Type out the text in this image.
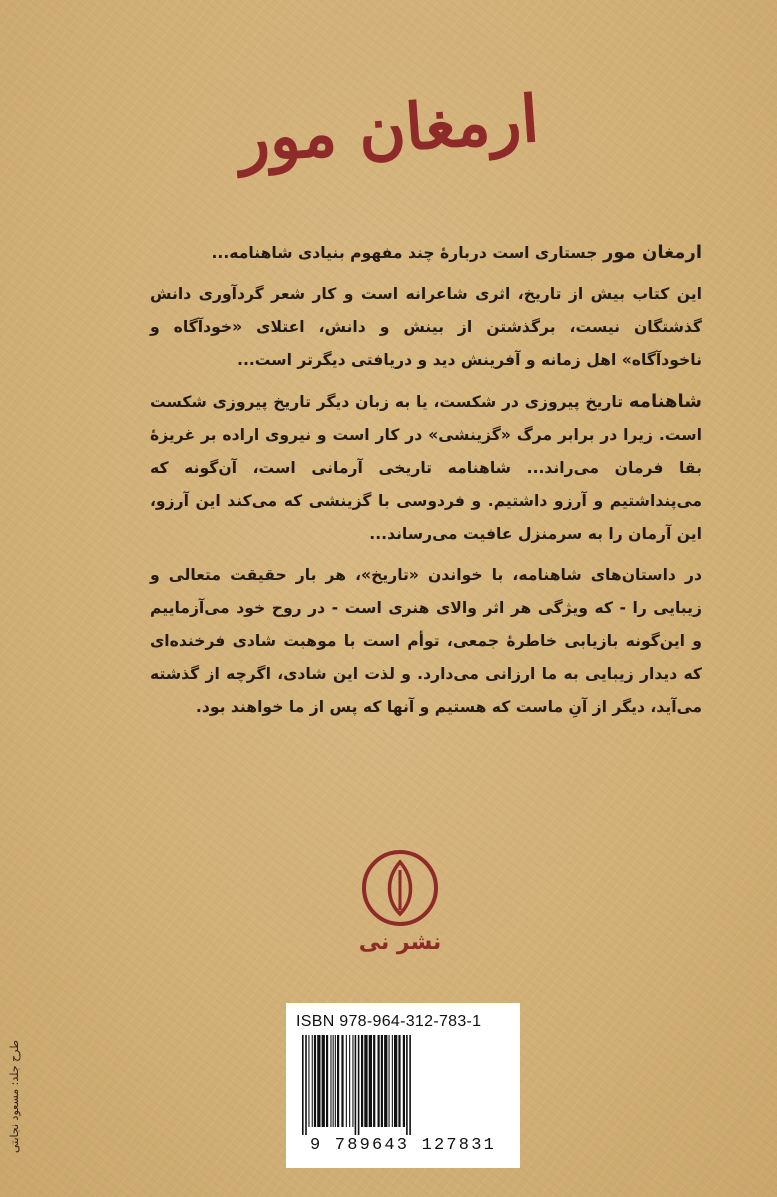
ارمغان مور

ارمغان مور جستاری است دربارهٔ چند مفهوم بنیادی شاهنامه...

این کتاب بیش از تاریخ، اثری شاعرانه است و کار شعر گردآوری دانش گذشتگان نیست، برگذشتن از بینش و دانش، اعتلای «خودآگاه و ناخودآگاه» اهل زمانه و آفرینش دید و دریافتی دیگرتر است...

شاهنامه تاریخ پیروزی در شکست، یا به زبان دیگر تاریخ پیروزی شکست است. زیرا در برابر مرگ «گزینشی» در کار است و نیروی اراده بر غریزهٔ بقا فرمان می‌راند... شاهنامه تاریخی آرمانی است، آن‌گونه که می‌پنداشتیم و آرزو داشتیم. و فردوسی با گزینشی که می‌کند این آرزو، این آرمان را به سرمنزل عافیت می‌رساند...

در داستان‌های شاهنامه، با خواندن «تاریخ»، هر بار حقیقت متعالی و زیبایی را - که ویژگی هر اثر والای هنری است - در روح خود می‌آزماییم و این‌گونه بازیابی خاطرهٔ جمعی، توأم است با موهبت شادی فرخنده‌ای که دیدار زیبایی به ما ارزانی می‌دارد. و لذت این شادی، اگرچه از گذشته می‌آید، دیگر از آنِ ماست که هستیم و آنها که پس از ما خواهند بود.

نشر نی
ISBN 978-964-312-783-1
9 789643 127831
طرح جلد: مسعود نجابتی
